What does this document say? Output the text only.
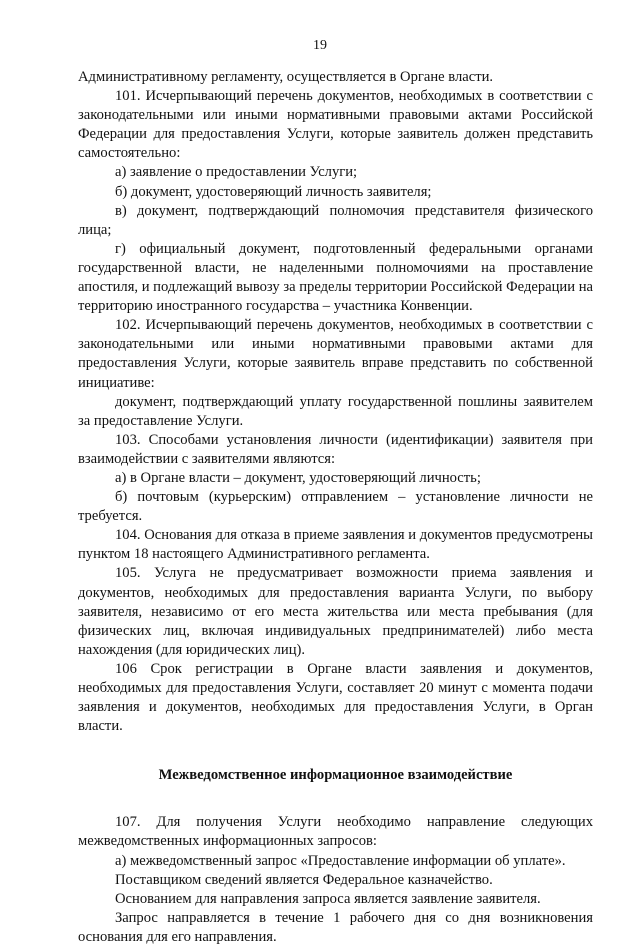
19

Административному регламенту, осуществляется в Органе власти.

101. Исчерпывающий перечень документов, необходимых в соответствии с законодательными или иными нормативными правовыми актами Российской Федерации для предоставления Услуги, которые заявитель должен представить самостоятельно:

а) заявление о предоставлении Услуги;

б) документ, удостоверяющий личность заявителя;

в) документ, подтверждающий полномочия представителя физического лица;

г) официальный документ, подготовленный федеральными органами государственной власти, не наделенными полномочиями на проставление апостиля, и подлежащий вывозу за пределы территории Российской Федерации на территорию иностранного государства – участника Конвенции.

102. Исчерпывающий перечень документов, необходимых в соответствии с законодательными или иными нормативными правовыми актами для предоставления Услуги, которые заявитель вправе представить по собственной инициативе:

документ, подтверждающий уплату государственной пошлины заявителем за предоставление Услуги.

103. Способами установления личности (идентификации) заявителя при взаимодействии с заявителями являются:

а) в Органе власти – документ, удостоверяющий личность;

б) почтовым (курьерским) отправлением – установление личности не требуется.

104. Основания для отказа в приеме заявления и документов предусмотрены пунктом 18 настоящего Административного регламента.

105. Услуга не предусматривает возможности приема заявления и документов, необходимых для предоставления варианта Услуги, по выбору заявителя, независимо от его места жительства или места пребывания (для физических лиц, включая индивидуальных предпринимателей) либо места нахождения (для юридических лиц).

106 Срок регистрации в Органе власти заявления и документов, необходимых для предоставления Услуги, составляет 20 минут с момента подачи заявления и документов, необходимых для предоставления Услуги, в Орган власти.

Межведомственное информационное взаимодействие

107. Для получения Услуги необходимо направление следующих межведомственных информационных запросов:

а) межведомственный запрос «Предоставление информации об уплате».

Поставщиком сведений является Федеральное казначейство.

Основанием для направления запроса является заявление заявителя.

Запрос направляется в течение 1 рабочего дня со дня возникновения основания для его направления.
